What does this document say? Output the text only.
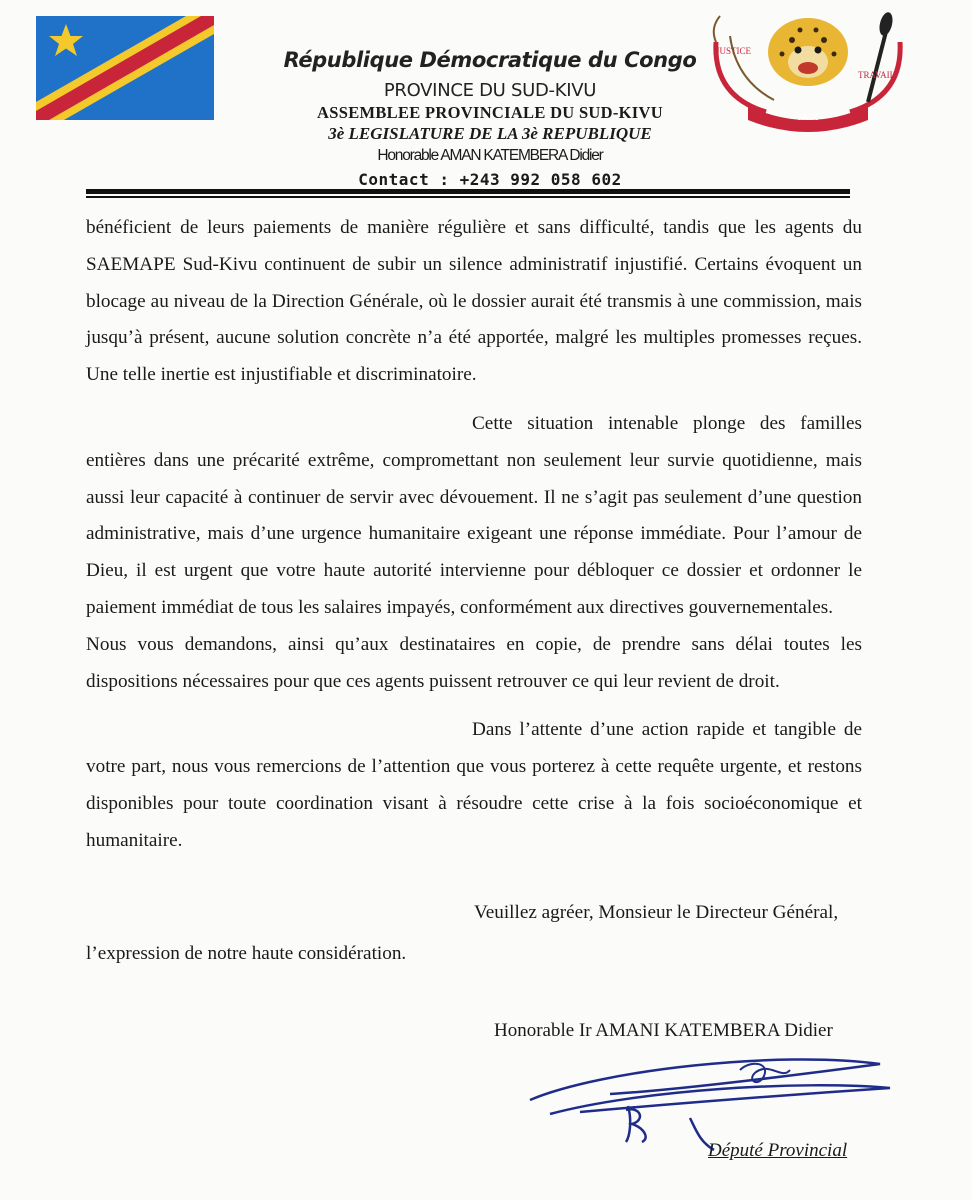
JUSTICE
PAIX
TRAVAIL
République Démocratique du Congo
PROVINCE DU SUD-KIVU
ASSEMBLEE PROVINCIALE DU SUD-KIVU
3è LEGISLATURE DE LA 3è REPUBLIQUE
Honorable AMAN KATEMBERA Didier
Contact : +243 992 058 602

bénéficient de leurs paiements de manière régulière et sans difficulté, tandis que les agents du SAEMAPE Sud-Kivu continuent de subir un silence administratif injustifié. Certains évoquent un blocage au niveau de la Direction Générale, où le dossier aurait été transmis à une commission, mais jusqu’à présent, aucune solution concrète n’a été apportée, malgré les multiples promesses reçues. Une telle inertie est injustifiable et discriminatoire.

Cette situation intenable plonge des familles entières dans une précarité extrême, compromettant non seulement leur survie quotidienne, mais aussi leur capacité à continuer de servir avec dévouement. Il ne s’agit pas seulement d’une question administrative, mais d’une urgence humanitaire exigeant une réponse immédiate. Pour l’amour de Dieu, il est urgent que votre haute autorité intervienne pour débloquer ce dossier et ordonner le paiement immédiat de tous les salaires impayés, conformément aux directives gouvernementales.

Nous vous demandons, ainsi qu’aux destinataires en copie, de prendre sans délai toutes les dispositions nécessaires pour que ces agents puissent retrouver ce qui leur revient de droit.

Dans l’attente d’une action rapide et tangible de votre part, nous vous remercions de l’attention que vous porterez à cette requête urgente, et restons disponibles pour toute coordination visant à résoudre cette crise à la fois socioéconomique et humanitaire.

Veuillez agréer, Monsieur le Directeur Général,
l’expression de notre haute considération.
Honorable Ir AMANI KATEMBERA Didier
Député Provincial
